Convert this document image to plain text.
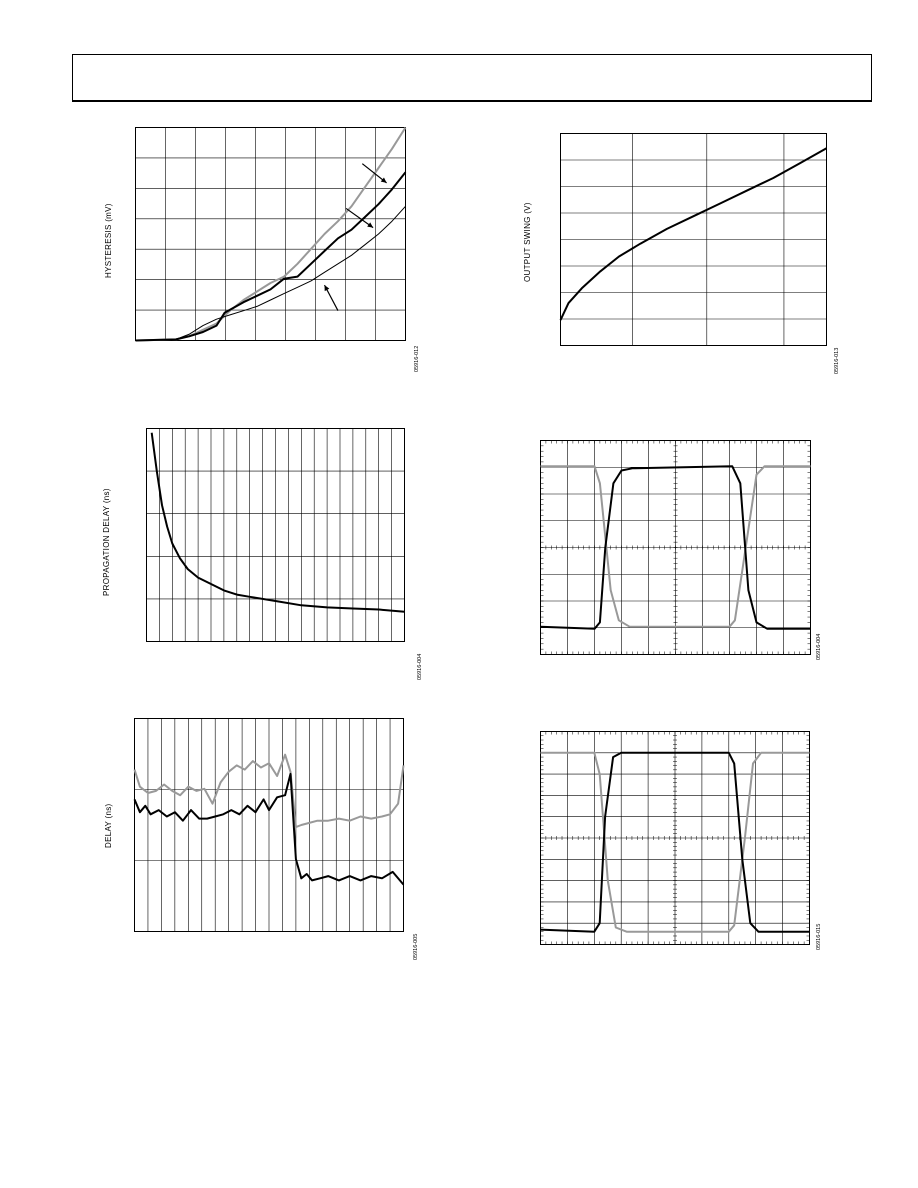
HYSTERESIS (mV)
05916-012
OUTPUT SWING (V)
05916-013
PROPAGATION DELAY (ns)
05916-004
05916-004
DELAY (ns)
05916-005	05916-015
